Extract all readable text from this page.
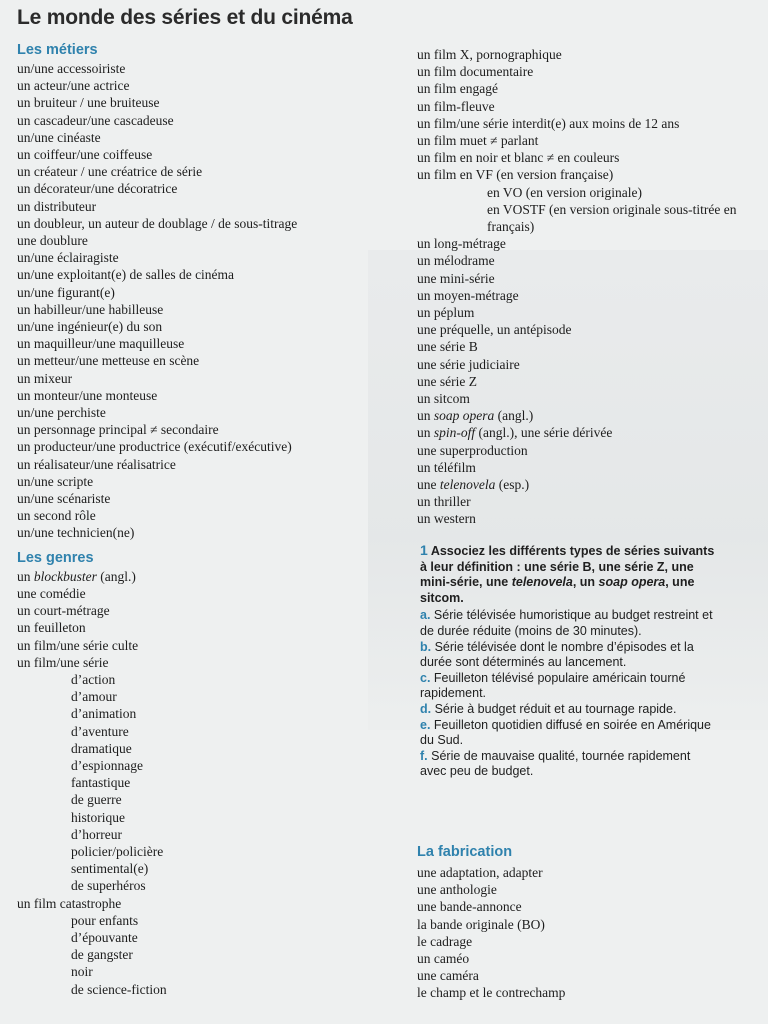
Le monde des séries et du cinéma
Les métiers
un/une accessoiriste
un acteur/une actrice
un bruiteur / une bruiteuse
un cascadeur/une cascadeuse
un/une cinéaste
un coiffeur/une coiffeuse
un créateur / une créatrice de série
un décorateur/une décoratrice
un distributeur
un doubleur, un auteur de doublage / de sous-titrage
une doublure
un/une éclairagiste
un/une exploitant(e) de salles de cinéma
un/une figurant(e)
un habilleur/une habilleuse
un/une ingénieur(e) du son
un maquilleur/une maquilleuse
un metteur/une metteuse en scène
un mixeur
un monteur/une monteuse
un/une perchiste
un personnage principal ≠ secondaire
un producteur/une productrice (exécutif/exécutive)
un réalisateur/une réalisatrice
un/une scripte
un/une scénariste
un second rôle
un/une technicien(ne)
Les genres
un blockbuster (angl.)
une comédie
un court-métrage
un feuilleton
un film/une série culte
un film/une série
d’action
d’amour
d’animation
d’aventure
dramatique
d’espionnage
fantastique
de guerre
historique
d’horreur
policier/policière
sentimental(e)
de superhéros
un film catastrophe
pour enfants
d’épouvante
de gangster
noir
de science-fiction
un film X, pornographique
un film documentaire
un film engagé
un film-fleuve
un film/une série interdit(e) aux moins de 12 ans
un film muet ≠ parlant
un film en noir et blanc ≠ en couleurs
un film en VF (en version française)
en VO (en version originale)
en VOSTF (en version originale sous-titrée en français)
un long-métrage
un mélodrame
une mini-série
un moyen-métrage
un péplum
une préquelle, un antépisode
une série B
une série judiciaire
une série Z
un sitcom
un soap opera (angl.)
un spin-off (angl.), une série dérivée
une superproduction
un téléfilm
une telenovela (esp.)
un thriller
un western

1 Associez les différents types de séries suivants à leur définition : une série B, une série Z, une mini-série, une telenovela, un soap opera, une sitcom.

a. Série télévisée humoristique au budget restreint et de durée réduite (moins de 30 minutes).

b. Série télévisée dont le nombre d’épisodes et la durée sont déterminés au lancement.

c. Feuilleton télévisé populaire américain tourné rapidement.

d. Série à budget réduit et au tournage rapide.

e. Feuilleton quotidien diffusé en soirée en Amérique du Sud.

f. Série de mauvaise qualité, tournée rapidement avec peu de budget.

La fabrication
une adaptation, adapter
une anthologie
une bande-annonce
la bande originale (BO)
le cadrage
un caméo
une caméra
le champ et le contrechamp
